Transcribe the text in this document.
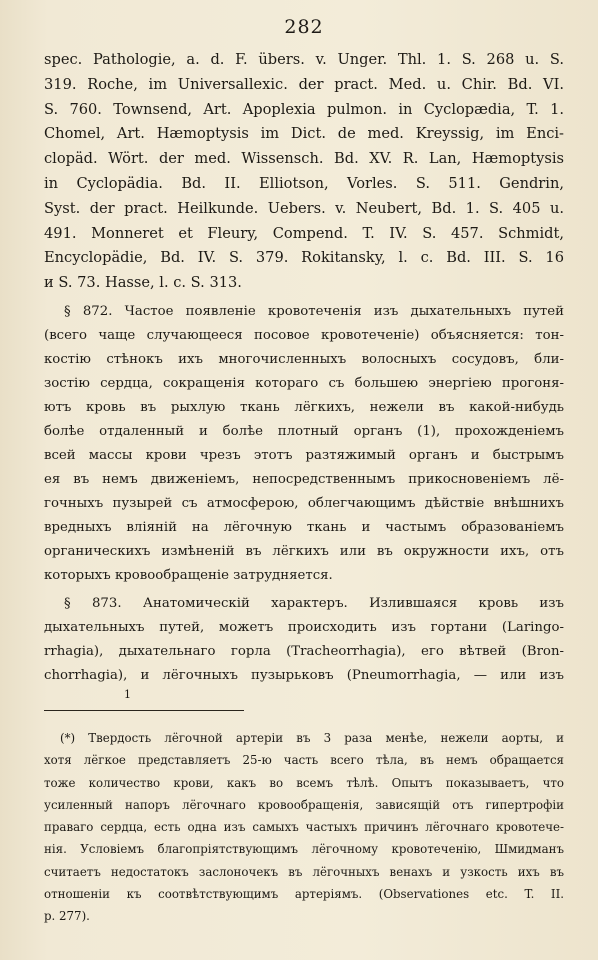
282

spec. Pathologie, a. d. F. übers. v. Unger. Thl. 1. S. 268 u. S.

319. Roche, im Universallexic. der pract. Med. u. Chir. Bd. VI.

S. 760. Townsend, Art. Apoplexia pulmon. in Cyclopædia, T. 1.

Chomel, Art. Hæmoptysis im Dict. de med. Kreyssig, im Enci-

clopäd. Wört. der med. Wissensch. Bd. XV. R. Lan, Hæmoptysis

in Cyclopädia. Bd. II. Elliotson, Vorles. S. 511. Gendrin,

Syst. der pract. Heilkunde. Uebers. v. Neubert, Bd. 1. S. 405 u.

491. Monneret et Fleury, Compend. T. IV. S. 457. Schmidt,

Encyclopädie, Bd. IV. S. 379. Rokitansky, l. c. Bd. III. S. 16

и S. 73. Hasse, l. c. S. 313.

§ 872. Частое появленіе кровотеченія изъ дыхательныхъ путей

(всего чаще случающееся посовое кровотеченіе) объясняется: тон-

костію стѣнокъ ихъ многочисленныхъ волосныхъ сосудовъ, бли-

зостію сердца, сокращенія котораго съ большею энергіею прогоня-

ютъ кровь въ рыхлую ткань лёгкихъ, нежели въ какой-нибудь

болѣе отдаленный и болѣе плотный органъ (1), прохожденіемъ

всей массы крови чрезъ этотъ разтяжимый органъ и быстрымъ

ея въ немъ движеніемъ, непосредственнымъ прикосновеніемъ лё-

гочныхъ пузырей съ атмосферою, облегчающимъ дѣйствіе внѣшнихъ

вредныхъ вліяній на лёгочную ткань и частымъ образованіемъ

органическихъ измѣненій въ лёгкихъ или въ окружности ихъ, отъ

которыхъ кровообращеніе затрудняется.

§ 873. Анатомическій характеръ. Излившаяся кровь изъ

дыхательныхъ путей, можетъ происходить изъ гортани (Laringo-

rrhagia), дыхательнаго горла (Tracheorrhagia), его вѣтвей (Bron-

chorrhagia), и лёгочныхъ пузырьковъ (Pneumorrhagia, — или изъ

1

(*) Твердость лёгочной артеріи въ 3 раза менѣе, нежели аорты, и

хотя лёгкое представляетъ 25-ю часть всего тѣла, въ немъ обращается

тоже количество крови, какъ во всемъ тѣлѣ. Опытъ показываетъ, что

усиленный напоръ лёгочнаго кровообращенія, зависящій отъ гипертрофіи

праваго сердца, есть одна изъ самыхъ частыхъ причинъ лёгочнаго кровотече-

нія. Условіемъ благопріятствующимъ лёгочному кровотеченію, Шмидманъ

считаетъ недостатокъ заслоночекъ въ лёгочныхъ венахъ и узкость ихъ въ

отношеніи къ соотвѣтствующимъ артеріямъ. (Observationes etc. T. II.

p. 277).
